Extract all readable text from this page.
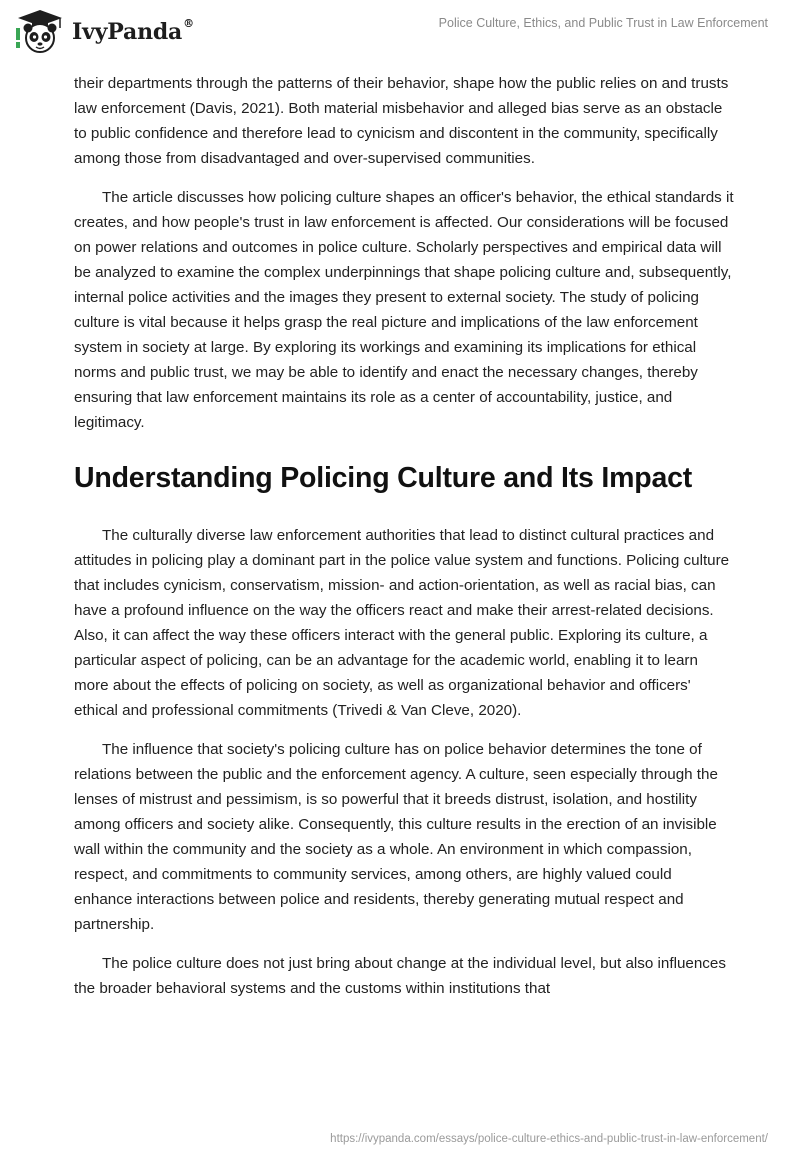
IvyPanda®	Police Culture, Ethics, and Public Trust in Law Enforcement

their departments through the patterns of their behavior, shape how the public relies on and trusts law enforcement (Davis, 2021). Both material misbehavior and alleged bias serve as an obstacle to public confidence and therefore lead to cynicism and discontent in the community, specifically among those from disadvantaged and over-supervised communities.

The article discusses how policing culture shapes an officer's behavior, the ethical standards it creates, and how people's trust in law enforcement is affected. Our considerations will be focused on power relations and outcomes in police culture. Scholarly perspectives and empirical data will be analyzed to examine the complex underpinnings that shape policing culture and, subsequently, internal police activities and the images they present to external society. The study of policing culture is vital because it helps grasp the real picture and implications of the law enforcement system in society at large. By exploring its workings and examining its implications for ethical norms and public trust, we may be able to identify and enact the necessary changes, thereby ensuring that law enforcement maintains its role as a center of accountability, justice, and legitimacy.

Understanding Policing Culture and Its Impact

The culturally diverse law enforcement authorities that lead to distinct cultural practices and attitudes in policing play a dominant part in the police value system and functions. Policing culture that includes cynicism, conservatism, mission- and action-orientation, as well as racial bias, can have a profound influence on the way the officers react and make their arrest-related decisions. Also, it can affect the way these officers interact with the general public. Exploring its culture, a particular aspect of policing, can be an advantage for the academic world, enabling it to learn more about the effects of policing on society, as well as organizational behavior and officers' ethical and professional commitments (Trivedi & Van Cleve, 2020).

The influence that society's policing culture has on police behavior determines the tone of relations between the public and the enforcement agency. A culture, seen especially through the lenses of mistrust and pessimism, is so powerful that it breeds distrust, isolation, and hostility among officers and society alike. Consequently, this culture results in the erection of an invisible wall within the community and the society as a whole. An environment in which compassion, respect, and commitments to community services, among others, are highly valued could enhance interactions between police and residents, thereby generating mutual respect and partnership.

The police culture does not just bring about change at the individual level, but also influences the broader behavioral systems and the customs within institutions that

https://ivypanda.com/essays/police-culture-ethics-and-public-trust-in-law-enforcement/
